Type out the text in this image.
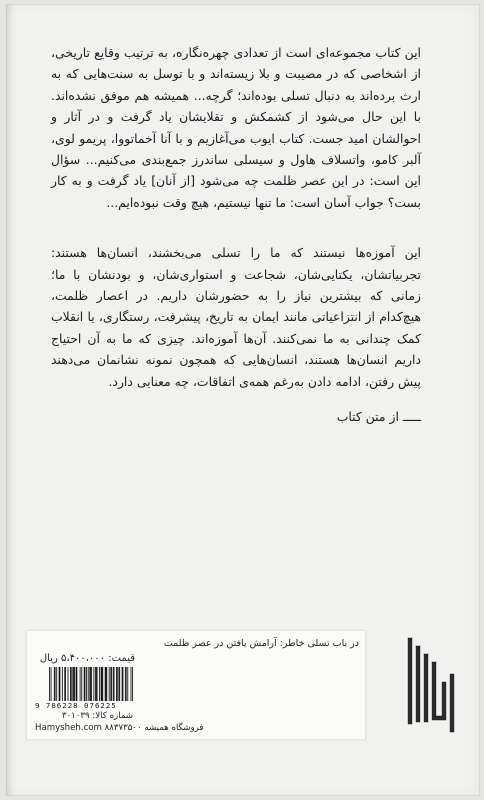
این کتاب مجموعه‌ای است از تعدادی چهره‌نگاره، به ترتیب وقایع تاریخی، از اشخاصی که در مصیبت و بلا زیسته‌اند و با توسل به سنت‌هایی که به ارث برده‌اند به دنبال تسلی بوده‌اند؛ گرچه... همیشه هم موفق نشده‌اند. با این حال می‌شود از کشمکش و تقلایشان یاد گرفت و در آثار و احوالشان امید جست. کتاب ایوب می‌آغازیم و با آنا آخماتووا، پریمو لوی، آلبر کامو، واتسلاف هاول و سیسلی ساندرز جمع‌بندی می‌کنیم... سؤال این است: در این عصر ظلمت چه می‌شود [از آنان] یاد گرفت و به کار بست؟ جواب آسان است: ما تنها نیستیم، هیچ وقت نبوده‌ایم...

این آموزه‌ها نیستند که ما را تسلی می‌بخشند، انسان‌ها هستند: تجربیاتشان، یکتایی‌شان، شجاعت و استواری‌شان، و بودنشان با ما؛ زمانی که بیشترین نیاز را به حضورشان داریم. در اعصار ظلمت، هیچ‌کدام از انتزاعیاتی مانند ایمان به تاریخ، پیشرفت، رستگاری، یا انقلاب کمک چندانی به ما نمی‌کنند. آن‌ها آموزه‌اند. چیزی که ما به آن احتیاج داریم انسان‌ها هستند، انسان‌هایی که همچون نمونه نشانمان می‌دهند پیش رفتن، ادامه دادن به‌رغم همه‌ی اتفاقات، چه معنایی دارد.

ـــــ از متن کتاب

در باب تسلی خاطر: آرامش یافتن در عصر ظلمت
قیمت: ۵،۴۰۰،۰۰۰ ریال
9 786228 076225
شماره کالا: ۳۰۱۰۳۹
Hamysheh.com فروشگاه همیشه ۸۸۳۷۳۵۰۰
